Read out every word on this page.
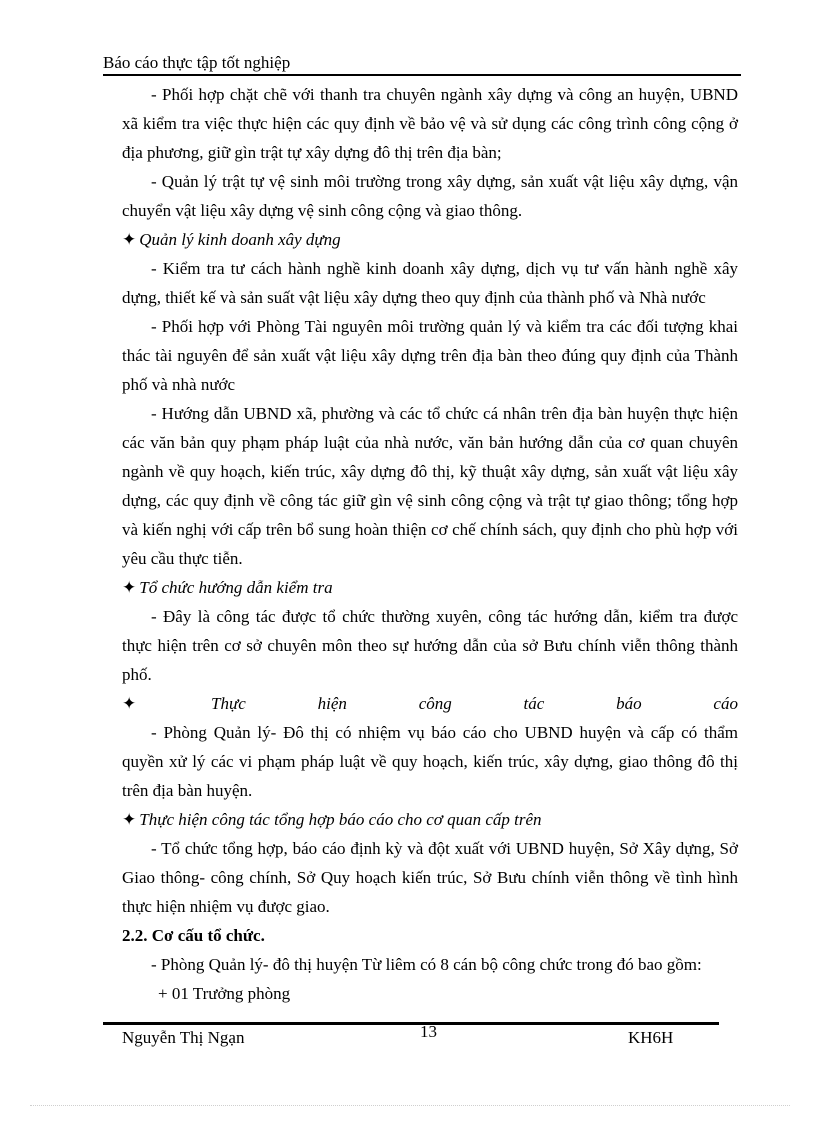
Báo cáo thực tập tốt nghiệp

- Phối hợp chặt chẽ với thanh tra chuyên ngành xây dựng và công an huyện, UBND xã kiểm tra việc thực hiện các quy định về bảo vệ và sử dụng các công trình công cộng ở địa phương, giữ gìn trật tự xây dựng đô thị trên địa bàn;

- Quản lý trật tự vệ sinh môi trường trong xây dựng, sản xuất vật liệu xây dựng, vận chuyển vật liệu xây dựng vệ sinh công cộng và giao thông.

✦ Quản lý kinh doanh xây dựng

- Kiểm tra tư cách hành nghề kinh doanh xây dựng, dịch vụ tư vấn hành nghề xây dựng, thiết kế và sản suất vật liệu xây dựng theo quy định của thành phố và Nhà nước

- Phối hợp với Phòng Tài nguyên môi trường quản lý và kiểm tra các đối tượng khai thác tài nguyên để sản xuất vật liệu xây dựng trên địa bàn theo đúng quy định của Thành phố và nhà nước

- Hướng dẫn UBND xã, phường và các tổ chức cá nhân trên địa bàn huyện thực hiện các văn bản quy phạm pháp luật của nhà nước, văn bản hướng dẫn của cơ quan chuyên ngành về quy hoạch, kiến trúc, xây dựng đô thị, kỹ thuật xây dựng, sản xuất vật liệu xây dựng, các quy định về công tác giữ gìn vệ sinh công cộng và trật tự giao thông; tổng hợp và kiến nghị với cấp trên bổ sung hoàn thiện cơ chế chính sách, quy định cho phù hợp với yêu cầu thực tiễn.

✦ Tổ chức hướng dẫn kiểm tra

- Đây là công tác được tổ chức thường xuyên, công tác hướng dẫn, kiểm tra được thực hiện trên cơ sở chuyên môn theo sự hướng dẫn của sở Bưu chính viễn thông thành phố.

✦	Thực	hiện	công	tác	báo	cáo

- Phòng Quản lý- Đô thị có nhiệm vụ báo cáo cho UBND huyện và cấp có thẩm quyền xử lý các vi phạm pháp luật về quy hoạch, kiến trúc, xây dựng, giao thông đô thị trên địa bàn huyện.

✦ Thực hiện công tác tổng hợp báo cáo cho cơ quan cấp trên

- Tổ chức tổng hợp, báo cáo định kỳ và đột xuất với UBND huyện, Sở Xây dựng, Sở Giao thông- công chính, Sở Quy hoạch kiến trúc, Sở Bưu chính viễn thông về tình hình thực hiện nhiệm vụ được giao.

2.2. Cơ cấu tổ chức.

- Phòng Quản lý- đô thị huyện Từ liêm có 8 cán bộ công chức trong đó bao gồm:

+ 01 Trưởng phòng

Nguyễn Thị Ngạn	13	KH6H
